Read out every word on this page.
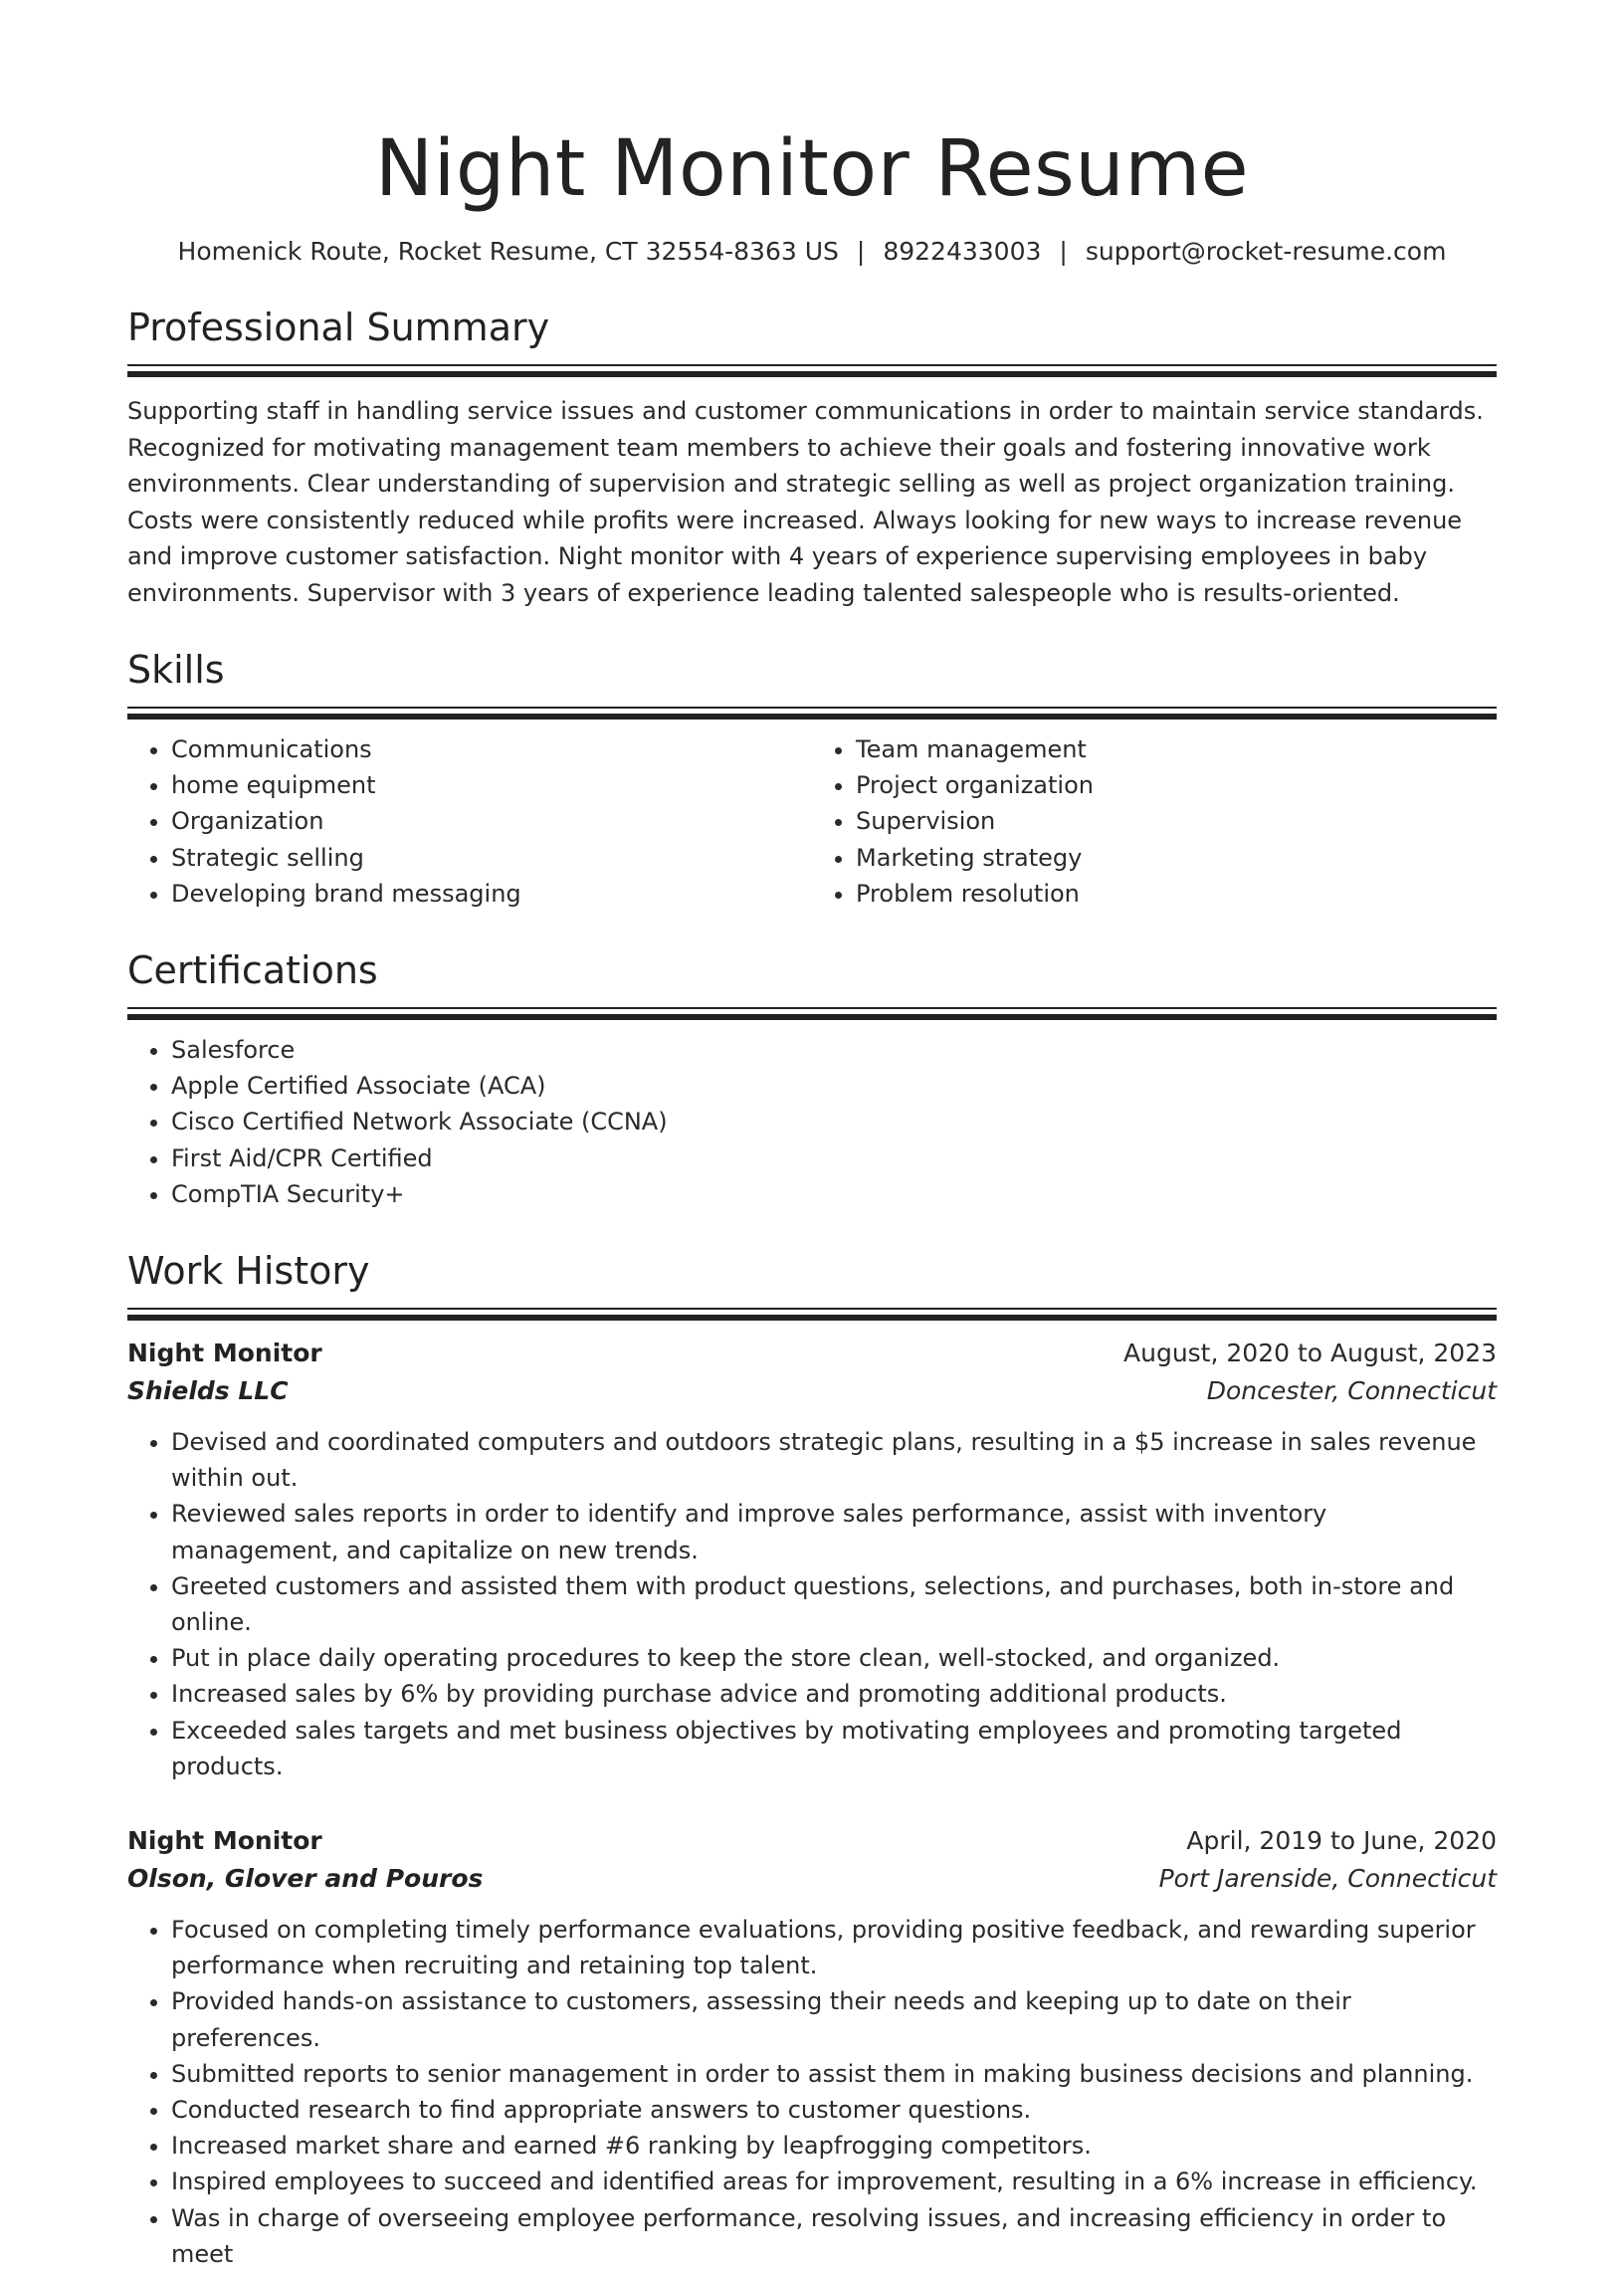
Night Monitor Resume
Homenick Route, Rocket Resume, CT 32554-8363 US | 8922433003 | support@rocket-resume.com
Professional Summary

Supporting staff in handling service issues and customer communications in order to maintain service standards. Recognized for motivating management team members to achieve their goals and fostering innovative work environments. Clear understanding of supervision and strategic selling as well as project organization training. Costs were consistently reduced while profits were increased. Always looking for new ways to increase revenue and improve customer satisfaction. Night monitor with 4 years of experience supervising employees in baby environments. Supervisor with 3 years of experience leading talented salespeople who is results-oriented.

Skills
• Communications
• home equipment
• Organization
• Strategic selling
• Developing brand messaging
• Team management
• Project organization
• Supervision
• Marketing strategy
• Problem resolution
Certifications
• Salesforce
• Apple Certified Associate (ACA)
• Cisco Certified Network Associate (CCNA)
• First Aid/CPR Certified
• CompTIA Security+
Work History
Night Monitor	August, 2020 to August, 2023
Shields LLC	Doncester, Connecticut
• Devised and coordinated computers and outdoors strategic plans, resulting in a $5 increase in sales revenue within out.
• Reviewed sales reports in order to identify and improve sales performance, assist with inventory management, and capitalize on new trends.
• Greeted customers and assisted them with product questions, selections, and purchases, both in-store and online.
• Put in place daily operating procedures to keep the store clean, well-stocked, and organized.
• Increased sales by 6% by providing purchase advice and promoting additional products.
• Exceeded sales targets and met business objectives by motivating employees and promoting targeted products.
Night Monitor	April, 2019 to June, 2020
Olson, Glover and Pouros	Port Jarenside, Connecticut
• Focused on completing timely performance evaluations, providing positive feedback, and rewarding superior performance when recruiting and retaining top talent.
• Provided hands-on assistance to customers, assessing their needs and keeping up to date on their preferences.
• Submitted reports to senior management in order to assist them in making business decisions and planning.
• Conducted research to find appropriate answers to customer questions.
• Increased market share and earned #6 ranking by leapfrogging competitors.
• Inspired employees to succeed and identified areas for improvement, resulting in a 6% increase in efficiency.
• Was in charge of overseeing employee performance, resolving issues, and increasing efficiency in order to meet
